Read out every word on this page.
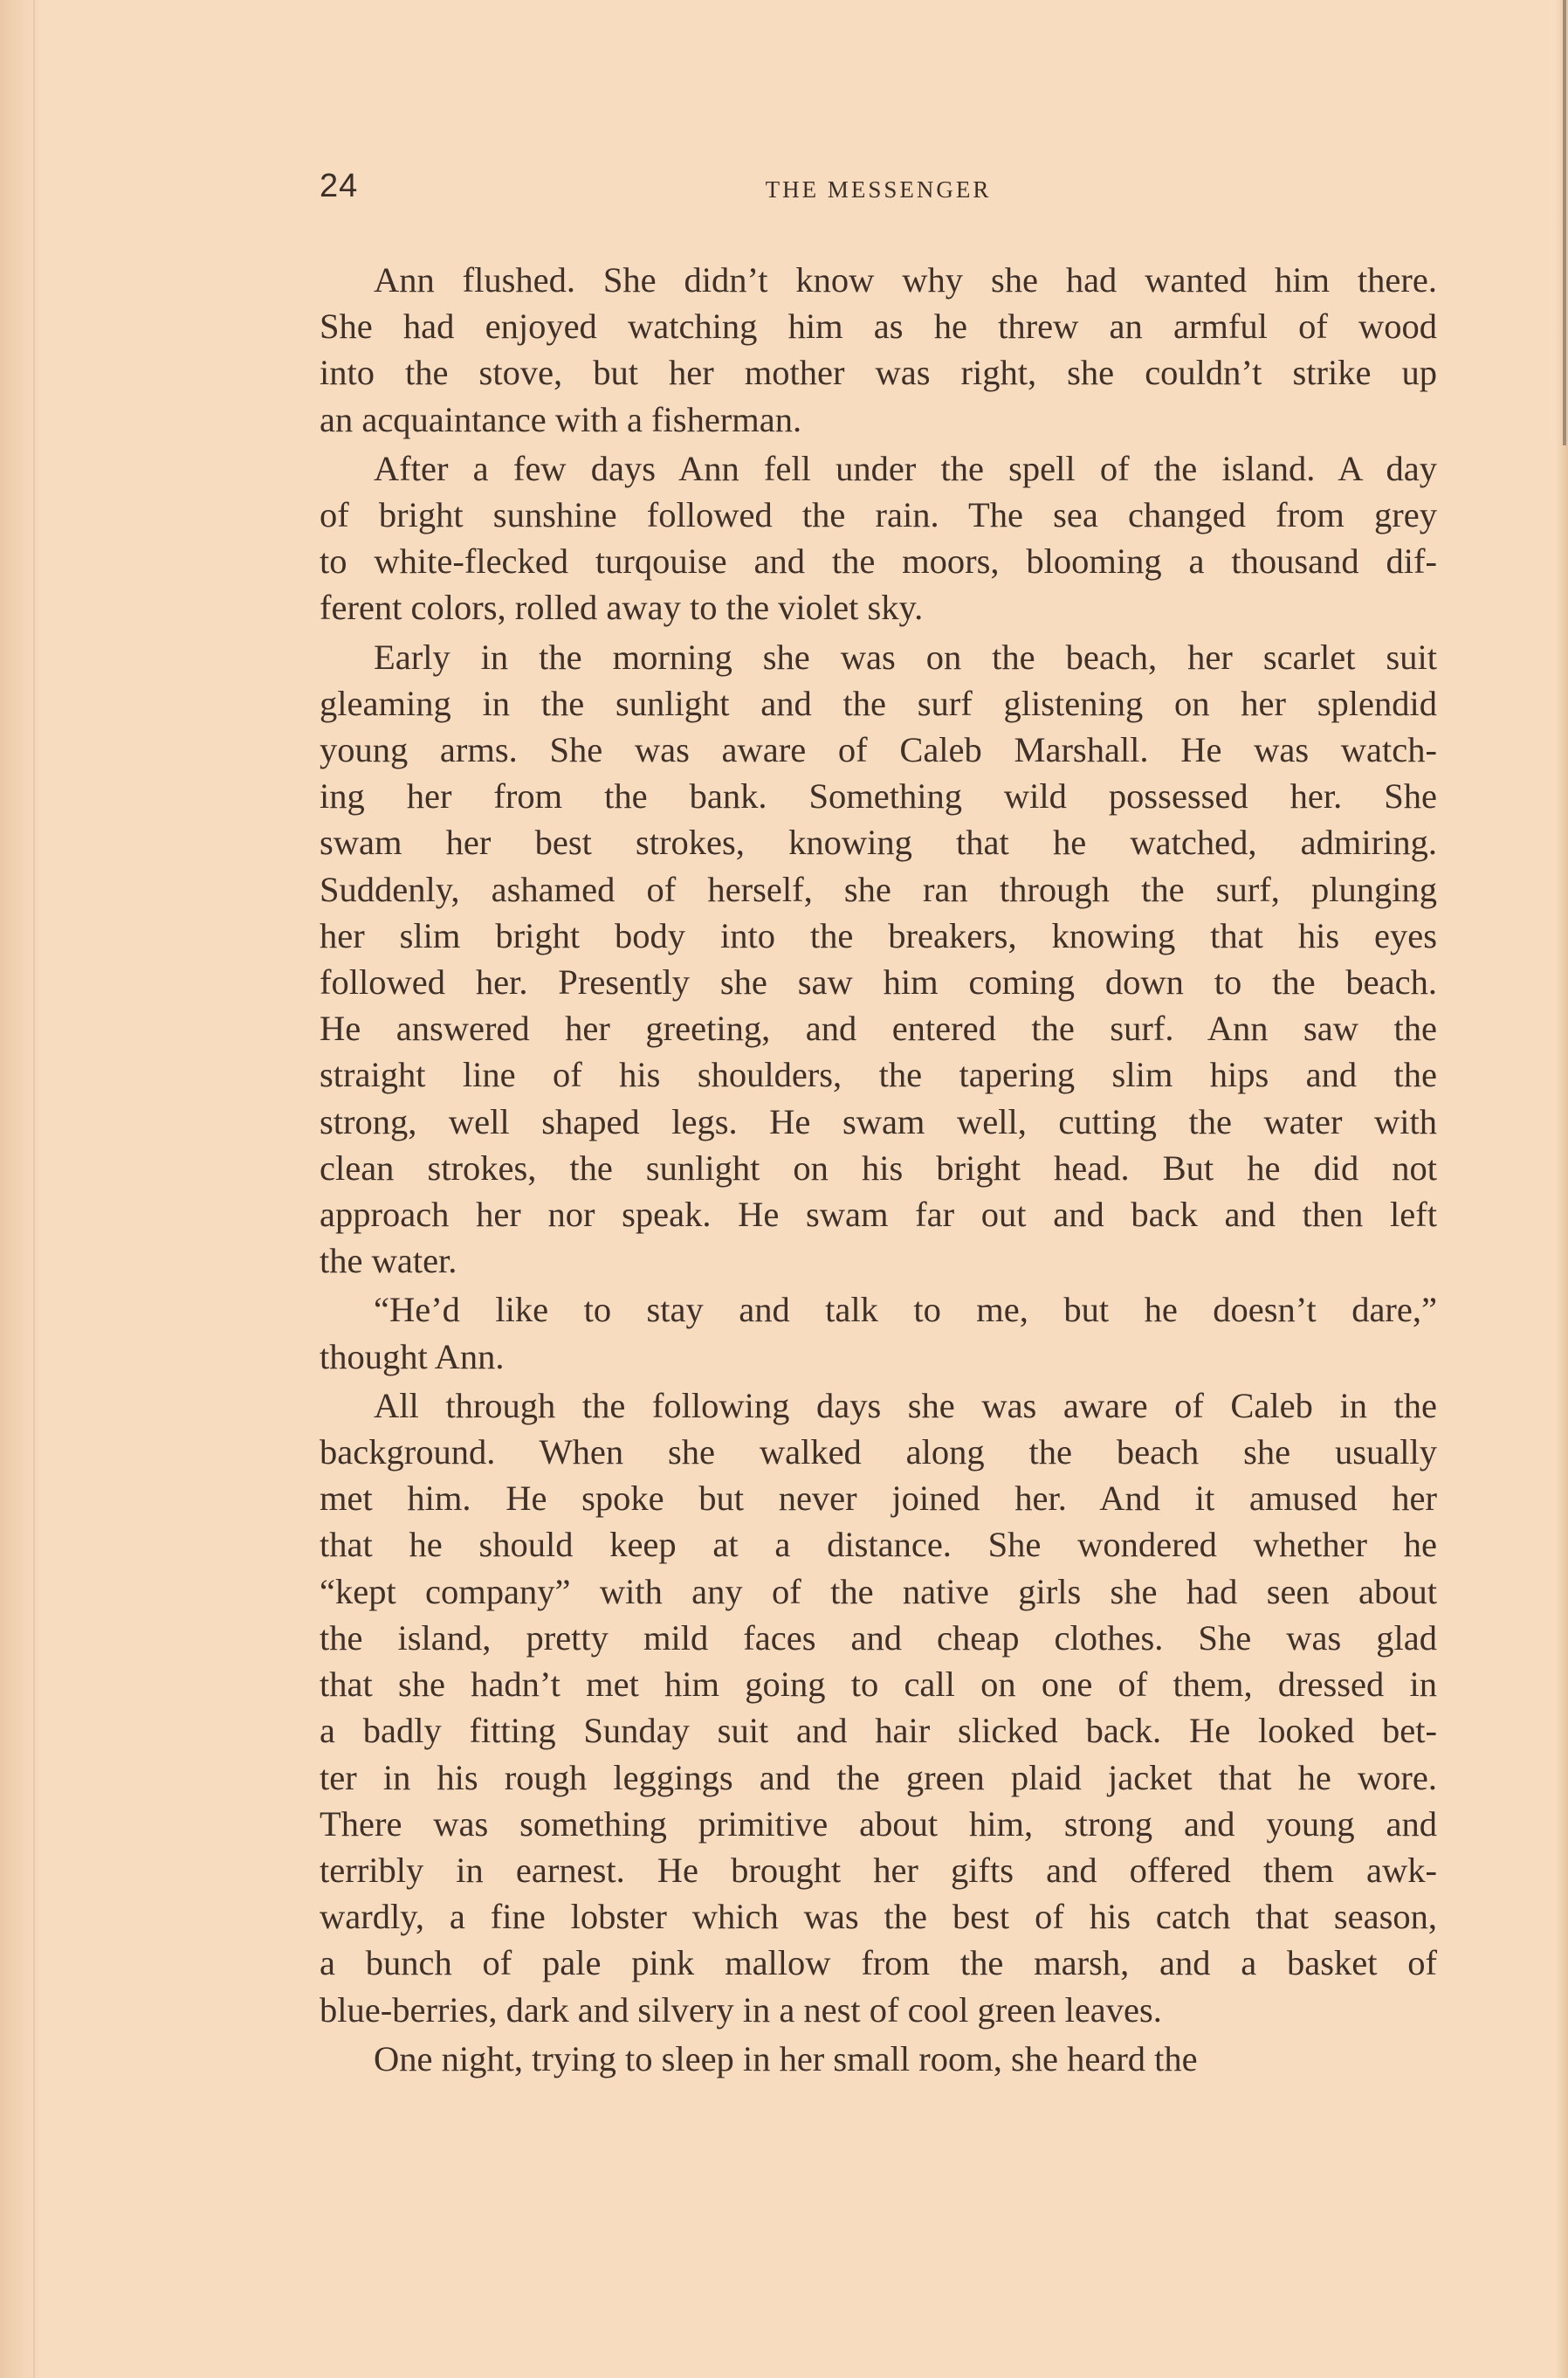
24	THE MESSENGER

Ann flushed. She didn’t know why she had wanted him there.
She had enjoyed watching him as he threw an armful of wood
into the stove, but her mother was right, she couldn’t strike up
an acquaintance with a fisherman.

After a few days Ann fell under the spell of the island. A day
of bright sunshine followed the rain. The sea changed from grey
to white-flecked turqouise and the moors, blooming a thousand dif-
ferent colors, rolled away to the violet sky.

Early in the morning she was on the beach, her scarlet suit
gleaming in the sunlight and the surf glistening on her splendid
young arms. She was aware of Caleb Marshall. He was watch-
ing her from the bank. Something wild possessed her. She
swam her best strokes, knowing that he watched, admiring.
Suddenly, ashamed of herself, she ran through the surf, plunging
her slim bright body into the breakers, knowing that his eyes
followed her. Presently she saw him coming down to the beach.
He answered her greeting, and entered the surf. Ann saw the
straight line of his shoulders, the tapering slim hips and the
strong, well shaped legs. He swam well, cutting the water with
clean strokes, the sunlight on his bright head. But he did not
approach her nor speak. He swam far out and back and then left
the water.

“He’d like to stay and talk to me, but he doesn’t dare,”
thought Ann.

All through the following days she was aware of Caleb in the
background. When she walked along the beach she usually
met him. He spoke but never joined her. And it amused her
that he should keep at a distance. She wondered whether he
“kept company” with any of the native girls she had seen about
the island, pretty mild faces and cheap clothes. She was glad
that she hadn’t met him going to call on one of them, dressed in
a badly fitting Sunday suit and hair slicked back. He looked bet-
ter in his rough leggings and the green plaid jacket that he wore.
There was something primitive about him, strong and young and
terribly in earnest. He brought her gifts and offered them awk-
wardly, a fine lobster which was the best of his catch that season,
a bunch of pale pink mallow from the marsh, and a basket of
blue-berries, dark and silvery in a nest of cool green leaves.

One night, trying to sleep in her small room, she heard the
